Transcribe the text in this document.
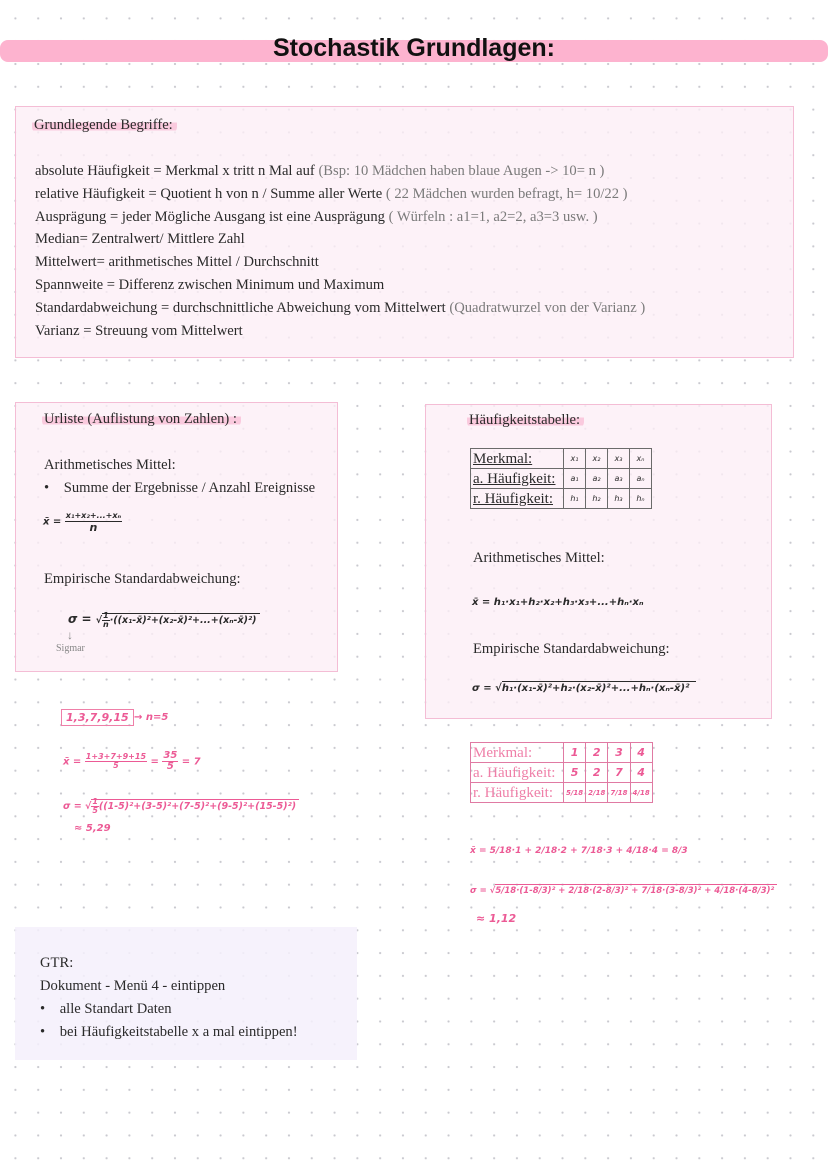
Stochastik Grundlagen:
Grundlegende Begriffe:
absolute Häufigkeit = Merkmal x tritt n Mal auf (Bsp: 10 Mädchen haben blaue Augen -> 10= n )
relative Häufigkeit = Quotient h von n / Summe aller Werte ( 22 Mädchen wurden befragt, h= 10/22 )
Ausprägung = jeder Mögliche Ausgang ist eine Ausprägung ( Würfeln : a1=1, a2=2, a3=3 usw. )
Median= Zentralwert/ Mittlere Zahl
Mittelwert= arithmetisches Mittel / Durchschnitt
Spannweite = Differenz zwischen Minimum und Maximum
Standardabweichung = durchschnittliche Abweichung vom Mittelwert (Quadratwurzel von der Varianz )
Varianz = Streuung vom Mittelwert
Urliste (Auflistung von Zahlen) :
Arithmetisches Mittel:
•    Summe der Ergebnisse / Anzahl Ereignisse
x̄ = $\frac{\text{x₁+x₂+...+xₙ}}{n}$
Empirische Standardabweichung:
σ = √ $\frac{1}{n}$ ·((x₁-x̄)²+(x₂-x̄)²+...+(xₙ-x̄)²)
↓
Sigmar
1,3,7,9,15 → n=5
x̄ = $\frac{1+3+7+9+15}{5} = \frac{35}{5} = 7$
σ = √ $\frac{1}{5} ((1-5)^2+(3-5)^2+(7-5)^2+(9-5)^2+(15-5)^2)$
≈ 5,29
Häufigkeitstabelle:
Merkmal:	x₁	x₂	x₃	xₙ
a. Häufigkeit:	a₁	a₂	a₃	aₙ
r. Häufigkeit:	h₁	h₂	h₃	hₙ
Arithmetisches Mittel:
x̄ = h₁·x₁+h₂·x₂+h₃·x₃+...+hₙ·xₙ
Empirische Standardabweichung:
σ = √h₁·(x₁-x̄)²+h₂·(x₂-x̄)²+...+hₙ·(xₙ-x̄)²
Merkmal:	1	2	3	4
a. Häufigkeit:	5	2	7	4
r. Häufigkeit:	5/18	2/18	7/18	4/18
x̄ = 5/18·1 + 2/18·2 + 7/18·3 + 4/18·4 = 8/3
σ = √5/18·(1-8/3)² + 2/18·(2-8/3)² + 7/18·(3-8/3)² + 4/18·(4-8/3)²
≈ 1,12
GTR:
Dokument - Menü 4 - eintippen
•    alle Standart Daten
•    bei Häufigkeitstabelle x a mal eintippen!
